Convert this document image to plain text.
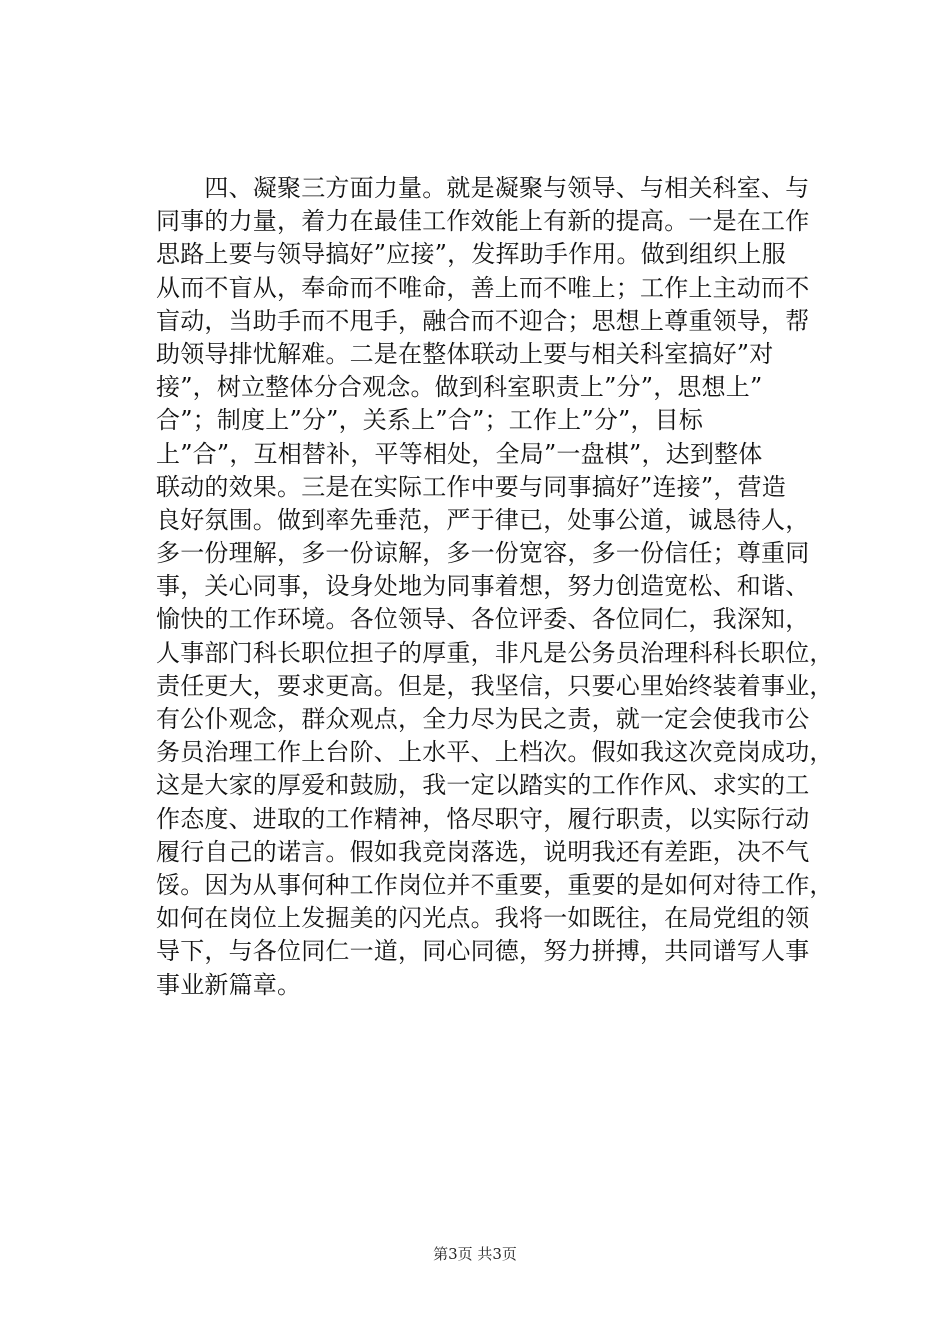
　　四、凝聚三方面力量。就是凝聚与领导、与相关科室、与
同事的力量，着力在最佳工作效能上有新的提高。一是在工作
思路上要与领导搞好”应接”，发挥助手作用。做到组织上服
从而不盲从，奉命而不唯命，善上而不唯上；工作上主动而不
盲动，当助手而不甩手，融合而不迎合；思想上尊重领导，帮
助领导排忧解难。二是在整体联动上要与相关科室搞好”对
接”，树立整体分合观念。做到科室职责上”分”，思想上”
合”；制度上”分”，关系上”合”；工作上”分”，目标
上”合”，互相替补，平等相处，全局”一盘棋”，达到整体
联动的效果。三是在实际工作中要与同事搞好”连接”，营造
良好氛围。做到率先垂范，严于律已，处事公道，诚恳待人，
多一份理解，多一份谅解，多一份宽容，多一份信任；尊重同
事，关心同事，设身处地为同事着想，努力创造宽松、和谐、
愉快的工作环境。各位领导、各位评委、各位同仁，我深知，
人事部门科长职位担子的厚重，非凡是公务员治理科科长职位，
责任更大，要求更高。但是，我坚信，只要心里始终装着事业，
有公仆观念，群众观点，全力尽为民之责，就一定会使我市公
务员治理工作上台阶、上水平、上档次。假如我这次竞岗成功，
这是大家的厚爱和鼓励，我一定以踏实的工作作风、求实的工
作态度、进取的工作精神，恪尽职守，履行职责，以实际行动
履行自己的诺言。假如我竞岗落选，说明我还有差距，决不气
馁。因为从事何种工作岗位并不重要，重要的是如何对待工作，
如何在岗位上发掘美的闪光点。我将一如既往，在局党组的领
导下，与各位同仁一道，同心同德，努力拼搏，共同谱写人事
事业新篇章。
第3页 共3页
